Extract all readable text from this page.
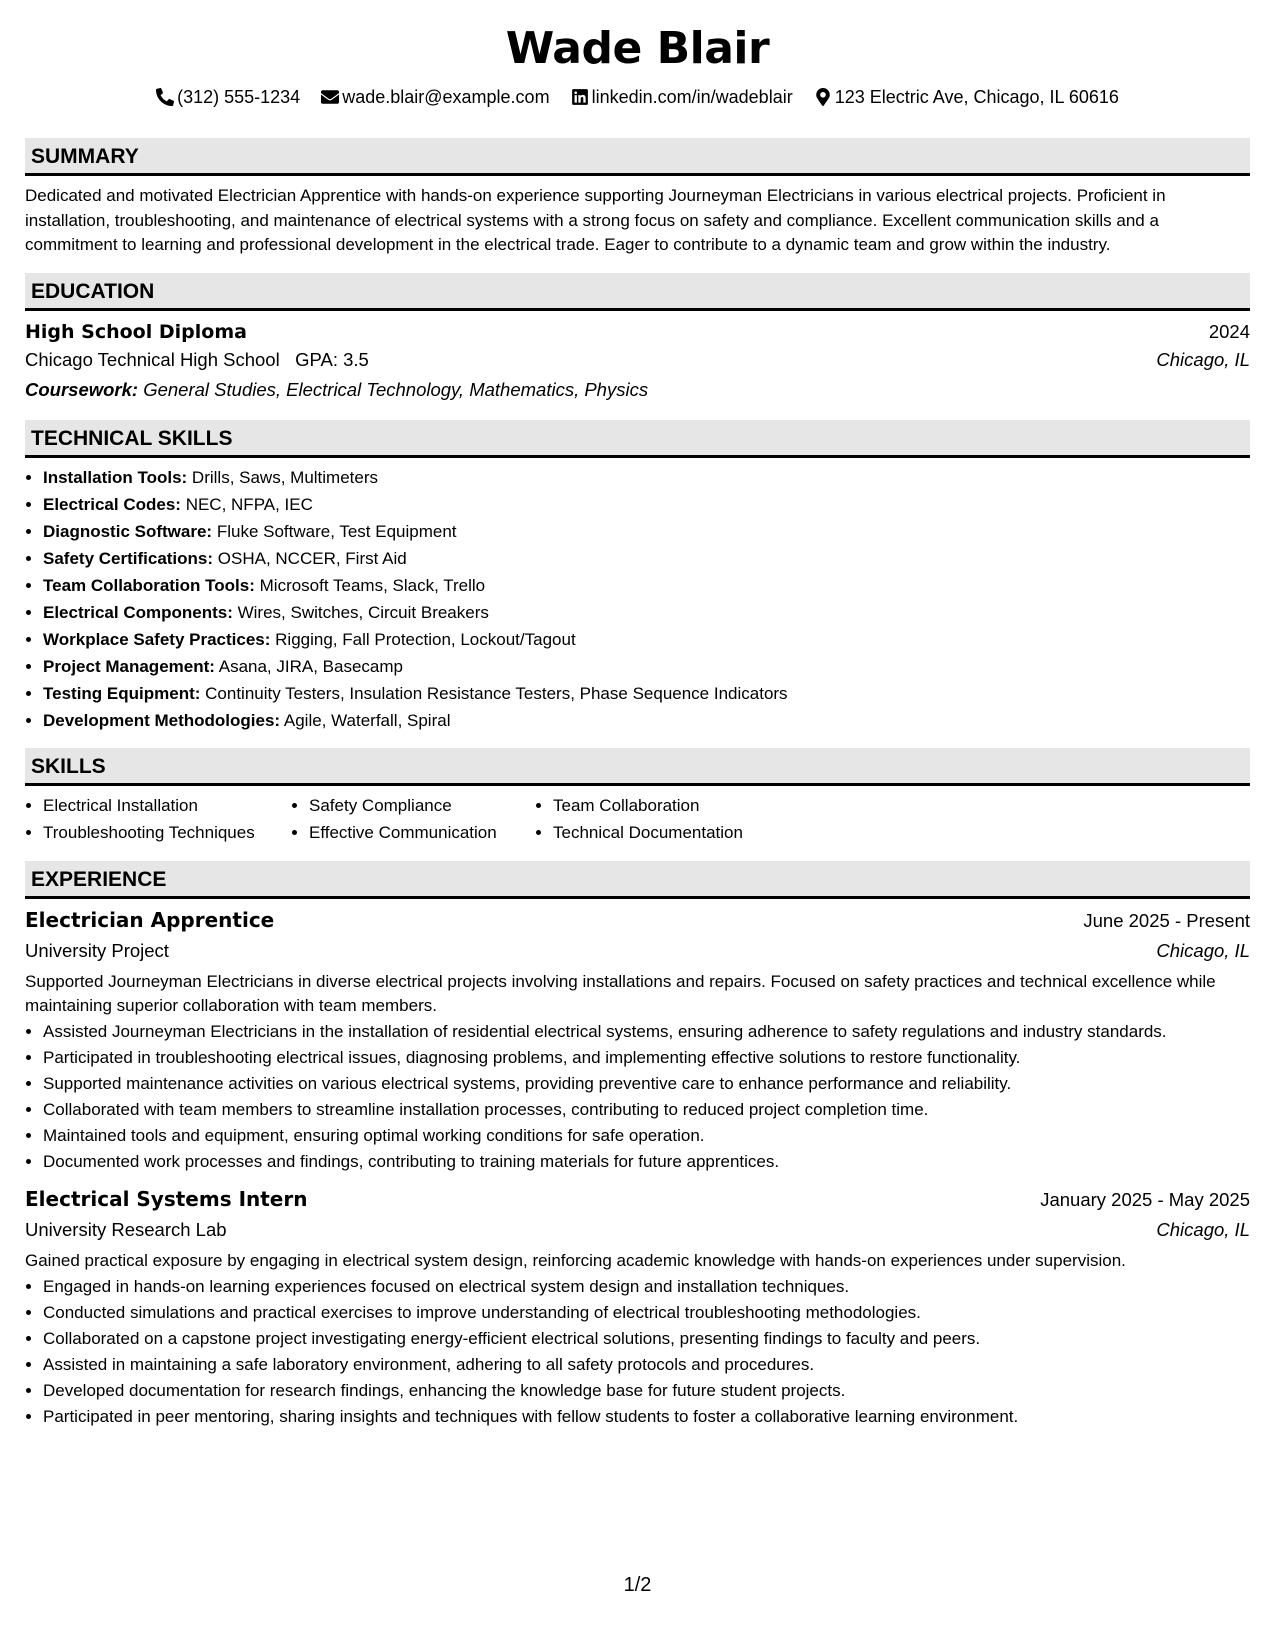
Wade Blair
(312) 555-1234 wade.blair@example.com linkedin.com/in/wadeblair 123 Electric Ave, Chicago, IL 60616
SUMMARY
Dedicated and motivated Electrician Apprentice with hands-on experience supporting Journeyman Electricians in various electrical projects. Proficient in installation, troubleshooting, and maintenance of electrical systems with a strong focus on safety and compliance. Excellent communication skills and a commitment to learning and professional development in the electrical trade. Eager to contribute to a dynamic team and grow within the industry.
EDUCATION
High School Diploma	2024
Chicago Technical High School GPA: 3.5	Chicago, IL
Coursework: General Studies, Electrical Technology, Mathematics, Physics
TECHNICAL SKILLS
• Installation Tools: Drills, Saws, Multimeters
• Electrical Codes: NEC, NFPA, IEC
• Diagnostic Software: Fluke Software, Test Equipment
• Safety Certifications: OSHA, NCCER, First Aid
• Team Collaboration Tools: Microsoft Teams, Slack, Trello
• Electrical Components: Wires, Switches, Circuit Breakers
• Workplace Safety Practices: Rigging, Fall Protection, Lockout/Tagout
• Project Management: Asana, JIRA, Basecamp
• Testing Equipment: Continuity Testers, Insulation Resistance Testers, Phase Sequence Indicators
• Development Methodologies: Agile, Waterfall, Spiral
SKILLS
• Electrical Installation
• Troubleshooting Techniques
• Safety Compliance
• Effective Communication
• Team Collaboration
• Technical Documentation
EXPERIENCE
Electrician Apprentice	June 2025 - Present
University Project	Chicago, IL
Supported Journeyman Electricians in diverse electrical projects involving installations and repairs. Focused on safety practices and technical excellence while maintaining superior collaboration with team members.
• Assisted Journeyman Electricians in the installation of residential electrical systems, ensuring adherence to safety regulations and industry standards.
• Participated in troubleshooting electrical issues, diagnosing problems, and implementing effective solutions to restore functionality.
• Supported maintenance activities on various electrical systems, providing preventive care to enhance performance and reliability.
• Collaborated with team members to streamline installation processes, contributing to reduced project completion time.
• Maintained tools and equipment, ensuring optimal working conditions for safe operation.
• Documented work processes and findings, contributing to training materials for future apprentices.
Electrical Systems Intern	January 2025 - May 2025
University Research Lab	Chicago, IL
Gained practical exposure by engaging in electrical system design, reinforcing academic knowledge with hands-on experiences under supervision.
• Engaged in hands-on learning experiences focused on electrical system design and installation techniques.
• Conducted simulations and practical exercises to improve understanding of electrical troubleshooting methodologies.
• Collaborated on a capstone project investigating energy-efficient electrical solutions, presenting findings to faculty and peers.
• Assisted in maintaining a safe laboratory environment, adhering to all safety protocols and procedures.
• Developed documentation for research findings, enhancing the knowledge base for future student projects.
• Participated in peer mentoring, sharing insights and techniques with fellow students to foster a collaborative learning environment.
1/2
